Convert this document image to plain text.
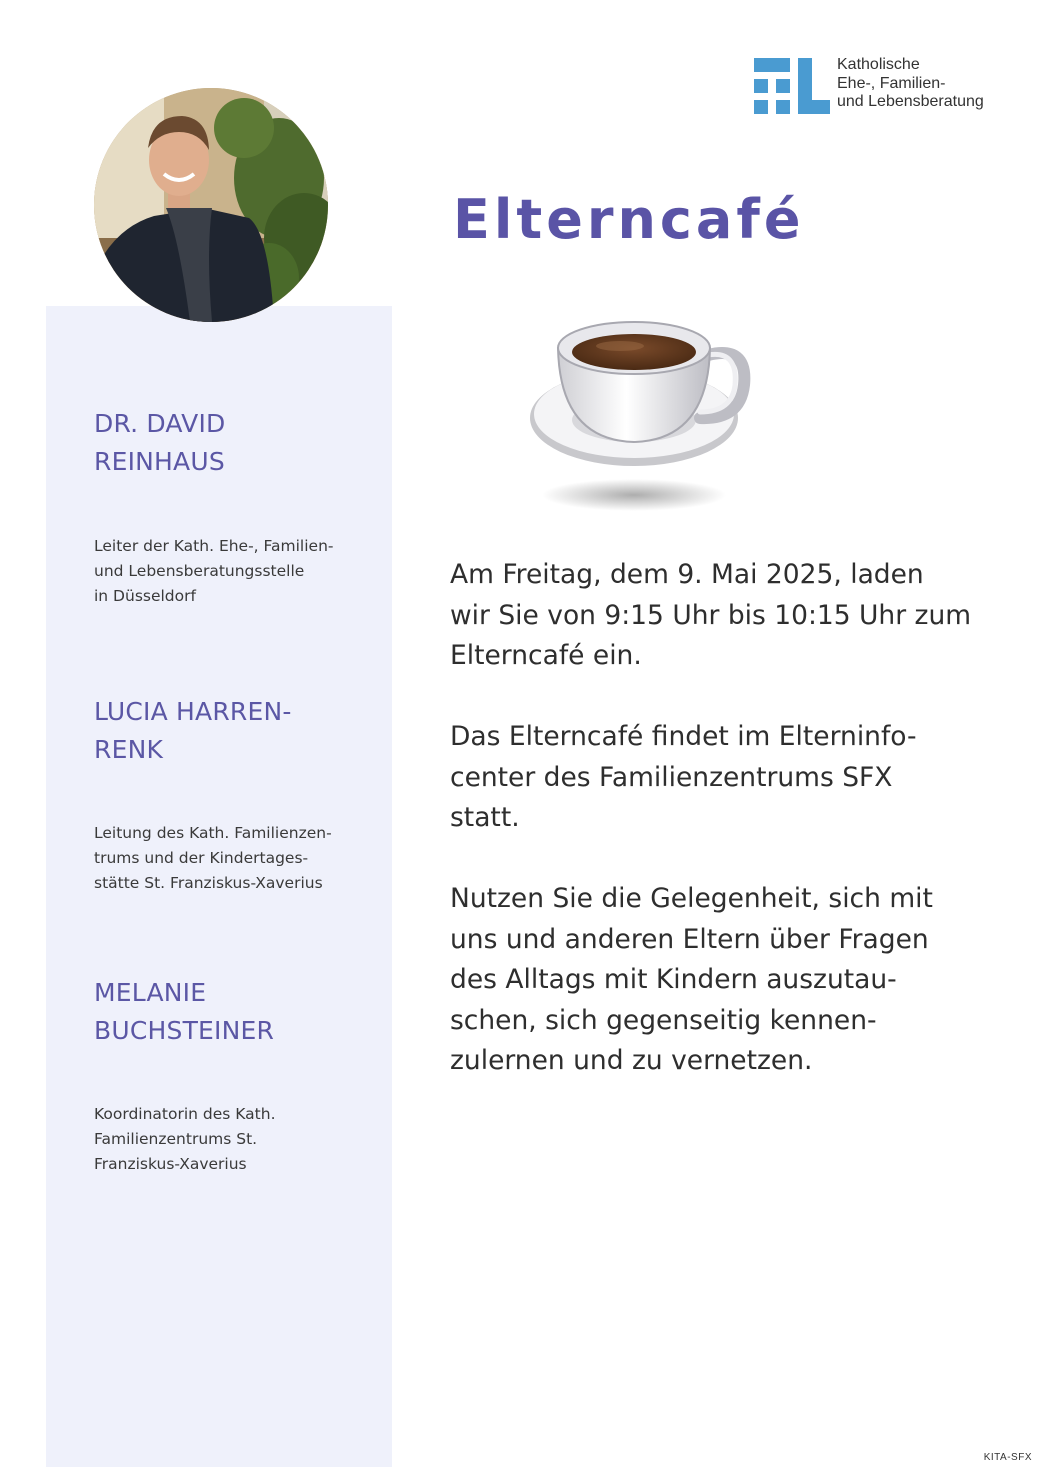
Katholische
Ehe-, Familien-
und Lebensberatung
Elterncafé
DR. DAVID
REINHAUS
Leiter der Kath. Ehe-, Familien-
und Lebensberatungsstelle
in Düsseldorf
LUCIA HARREN-
RENK
Leitung des Kath. Familienzen-
trums und der Kindertages-
stätte St. Franziskus-Xaverius
MELANIE
BUCHSTEINER
Koordinatorin des Kath.
Familienzentrums St.
Franziskus-Xaverius

Am Freitag, dem 9. Mai 2025, laden
wir Sie von 9:15 Uhr bis 10:15 Uhr zum
Elterncafé ein.

Das Elterncafé findet im Elterninfo-
center des Familienzentrums SFX
statt.

Nutzen Sie die Gelegenheit, sich mit
uns und anderen Eltern über Fragen
des Alltags mit Kindern auszutau-
schen, sich gegenseitig kennen-
zulernen und zu vernetzen.

KITA-SFX
